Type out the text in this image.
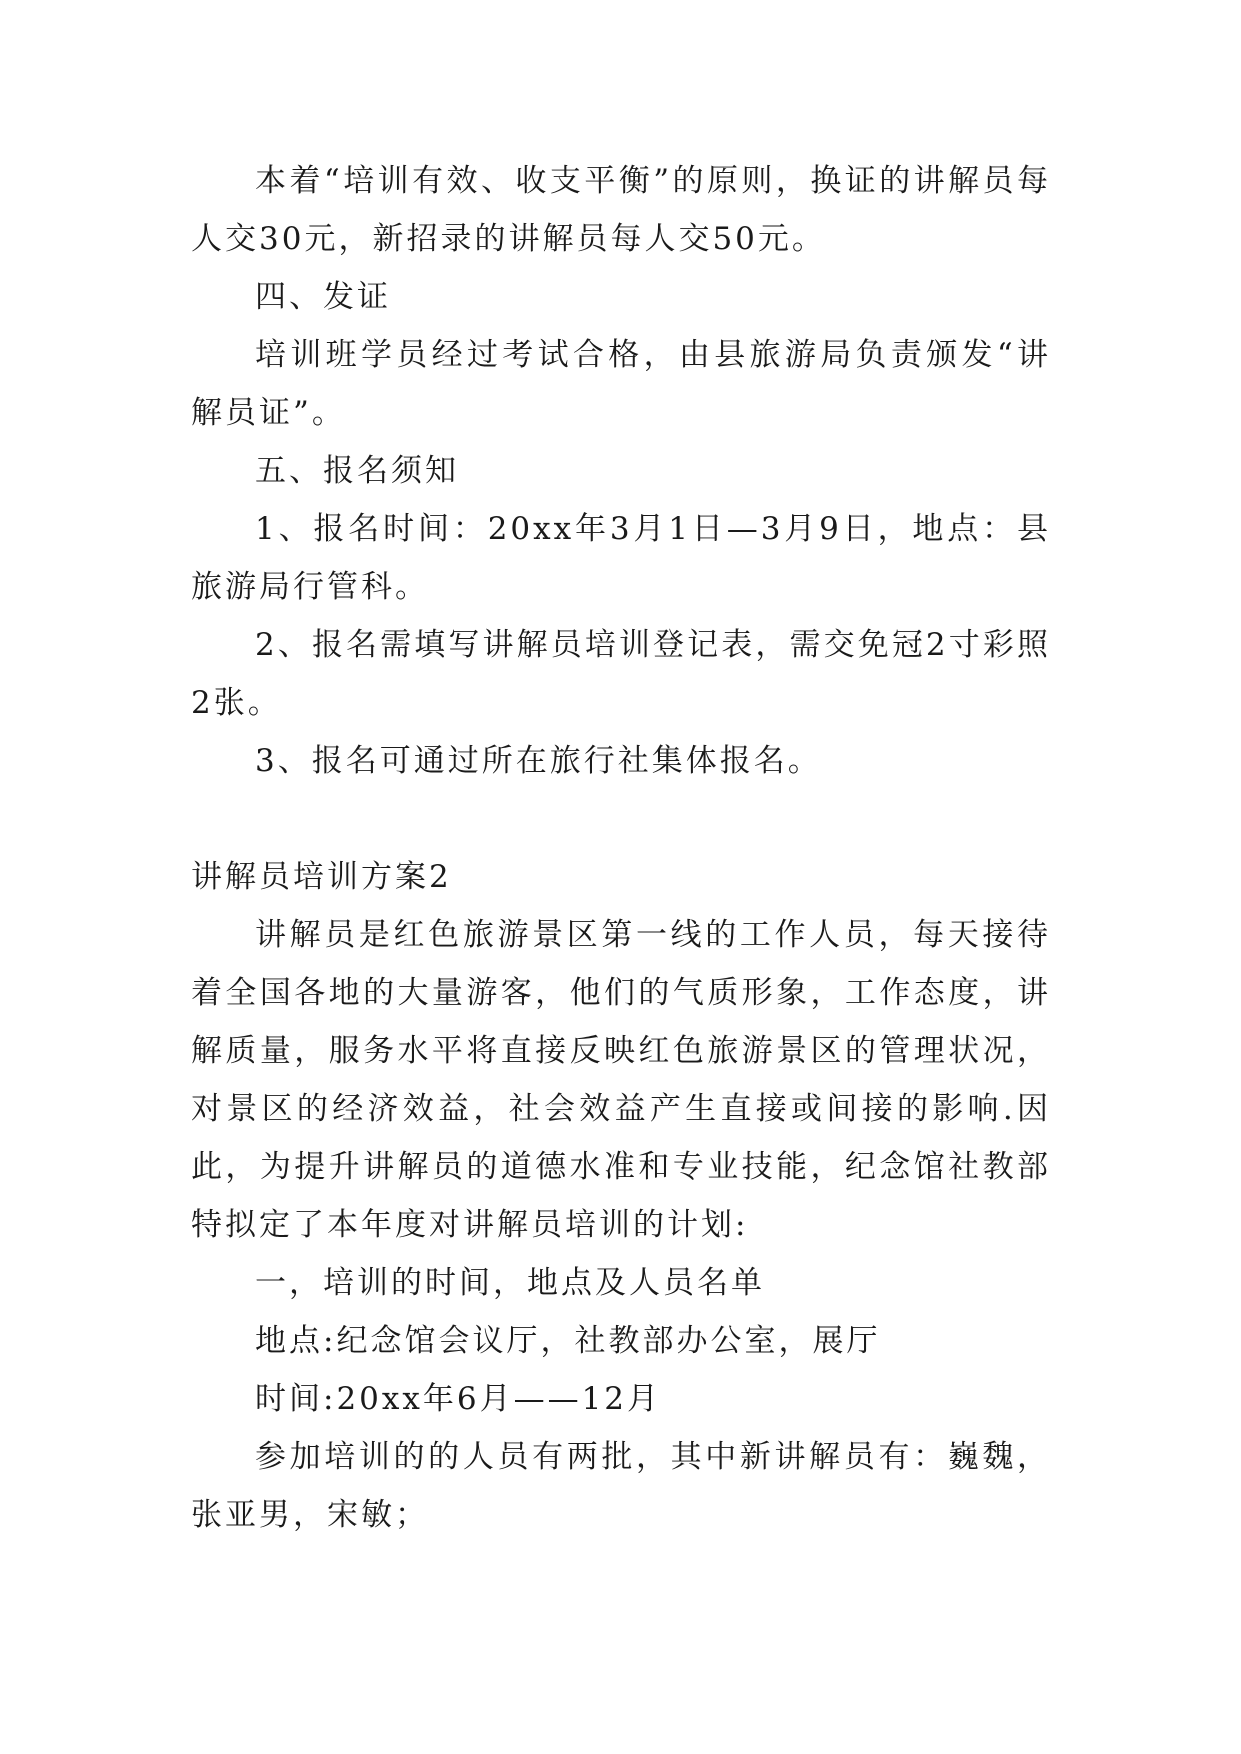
本着“培训有效、收支平衡”的原则，换证的讲解员每人交30元，新招录的讲解员每人交50元。

四、发证

培训班学员经过考试合格，由县旅游局负责颁发“讲解员证”。

五、报名须知

1、报名时间：20xx年3月1日—3月9日，地点：县旅游局行管科。

2、报名需填写讲解员培训登记表，需交免冠2寸彩照2张。

3、报名可通过所在旅行社集体报名。

讲解员培训方案2

讲解员是红色旅游景区第一线的工作人员，每天接待着全国各地的大量游客，他们的气质形象，工作态度，讲解质量，服务水平将直接反映红色旅游景区的管理状况，对景区的经济效益，社会效益产生直接或间接的影响.因此，为提升讲解员的道德水准和专业技能，纪念馆社教部特拟定了本年度对讲解员培训的计划:

一，培训的时间，地点及人员名单

地点:纪念馆会议厅，社教部办公室，展厅

时间:20xx年6月——12月

参加培训的的人员有两批，其中新讲解员有：巍魏，张亚男，宋敏；
